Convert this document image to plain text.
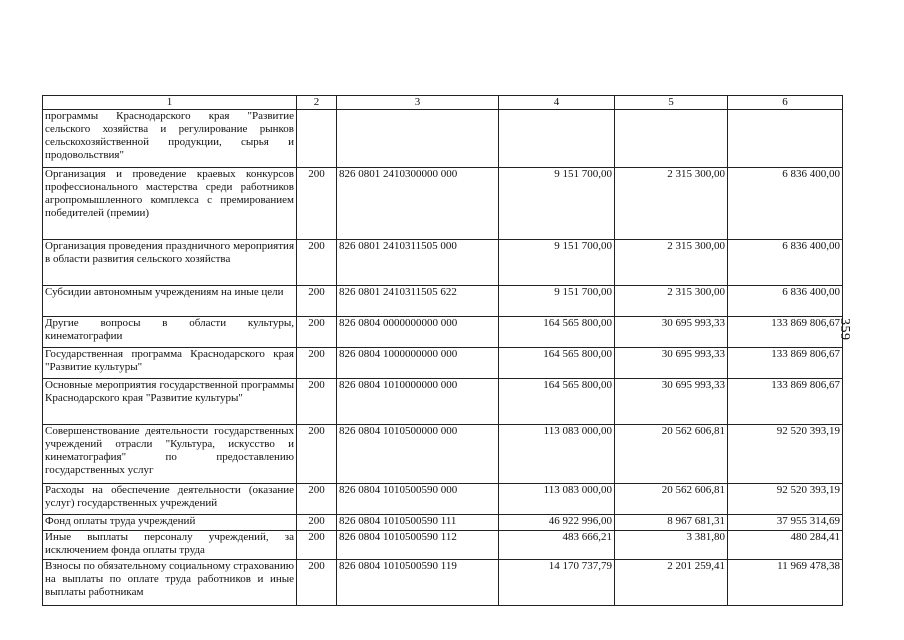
1	2	3	4	5	6
программы Краснодарского края "Развитие сельского хозяйства и регулирование рынков сельскохозяйственной продукции, сырья и продовольствия"					
Организация и проведение краевых конкурсов профессионального мастерства среди работников агропромышленного комплекса с премированием победителей (премии)	200	826 0801 2410300000 000	9 151 700,00	2 315 300,00	6 836 400,00
Организация проведения праздничного мероприятия в области развития сельского хозяйства	200	826 0801 2410311505 000	9 151 700,00	2 315 300,00	6 836 400,00
Субсидии автономным учреждениям на иные цели	200	826 0801 2410311505 622	9 151 700,00	2 315 300,00	6 836 400,00
Другие вопросы в области культуры, кинематографии	200	826 0804 0000000000 000	164 565 800,00	30 695 993,33	133 869 806,67
Государственная программа Краснодарского края "Развитие культуры"	200	826 0804 1000000000 000	164 565 800,00	30 695 993,33	133 869 806,67
Основные мероприятия государственной программы Краснодарского края "Развитие культуры"	200	826 0804 1010000000 000	164 565 800,00	30 695 993,33	133 869 806,67
Совершенствование деятельности государственных учреждений отрасли "Культура, искусство и кинематография" по предоставлению государственных услуг	200	826 0804 1010500000 000	113 083 000,00	20 562 606,81	92 520 393,19
Расходы на обеспечение деятельности (оказание услуг) государственных учреждений	200	826 0804 1010500590 000	113 083 000,00	20 562 606,81	92 520 393,19
Фонд оплаты труда учреждений	200	826 0804 1010500590 111	46 922 996,00	8 967 681,31	37 955 314,69
Иные выплаты персоналу учреждений, за исключением фонда оплаты труда	200	826 0804 1010500590 112	483 666,21	3 381,80	480 284,41
Взносы по обязательному социальному страхованию на выплаты по оплате труда работников и иные выплаты работникам	200	826 0804 1010500590 119	14 170 737,79	2 201 259,41	11 969 478,38
359
